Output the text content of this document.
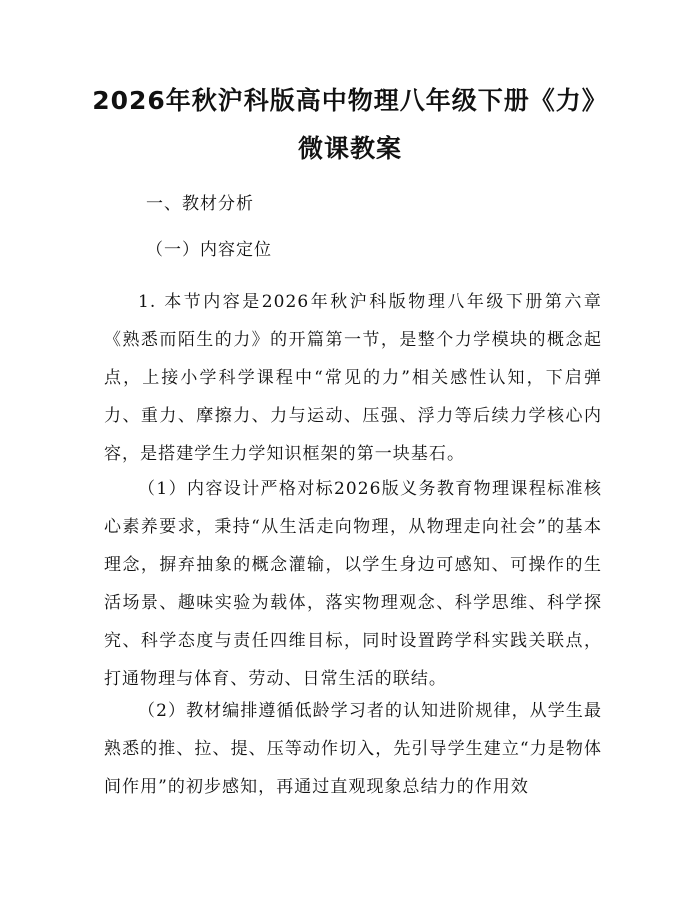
2026年秋沪科版高中物理八年级下册《力》
微课教案

一、教材分析

（一）内容定位

1. 本节内容是2026年秋沪科版物理八年级下册第六章《熟悉而陌生的力》的开篇第一节，是整个力学模块的概念起点，上接小学科学课程中“常见的力”相关感性认知，下启弹力、重力、摩擦力、力与运动、压强、浮力等后续力学核心内容，是搭建学生力学知识框架的第一块基石。

（1）内容设计严格对标2026版义务教育物理课程标准核心素养要求，秉持“从生活走向物理，从物理走向社会”的基本理念，摒弃抽象的概念灌输，以学生身边可感知、可操作的生活场景、趣味实验为载体，落实物理观念、科学思维、科学探究、科学态度与责任四维目标，同时设置跨学科实践关联点，打通物理与体育、劳动、日常生活的联结。

（2）教材编排遵循低龄学习者的认知进阶规律，从学生最熟悉的推、拉、提、压等动作切入，先引导学生建立“力是物体间作用”的初步感知，再通过直观现象总结力的作用效
